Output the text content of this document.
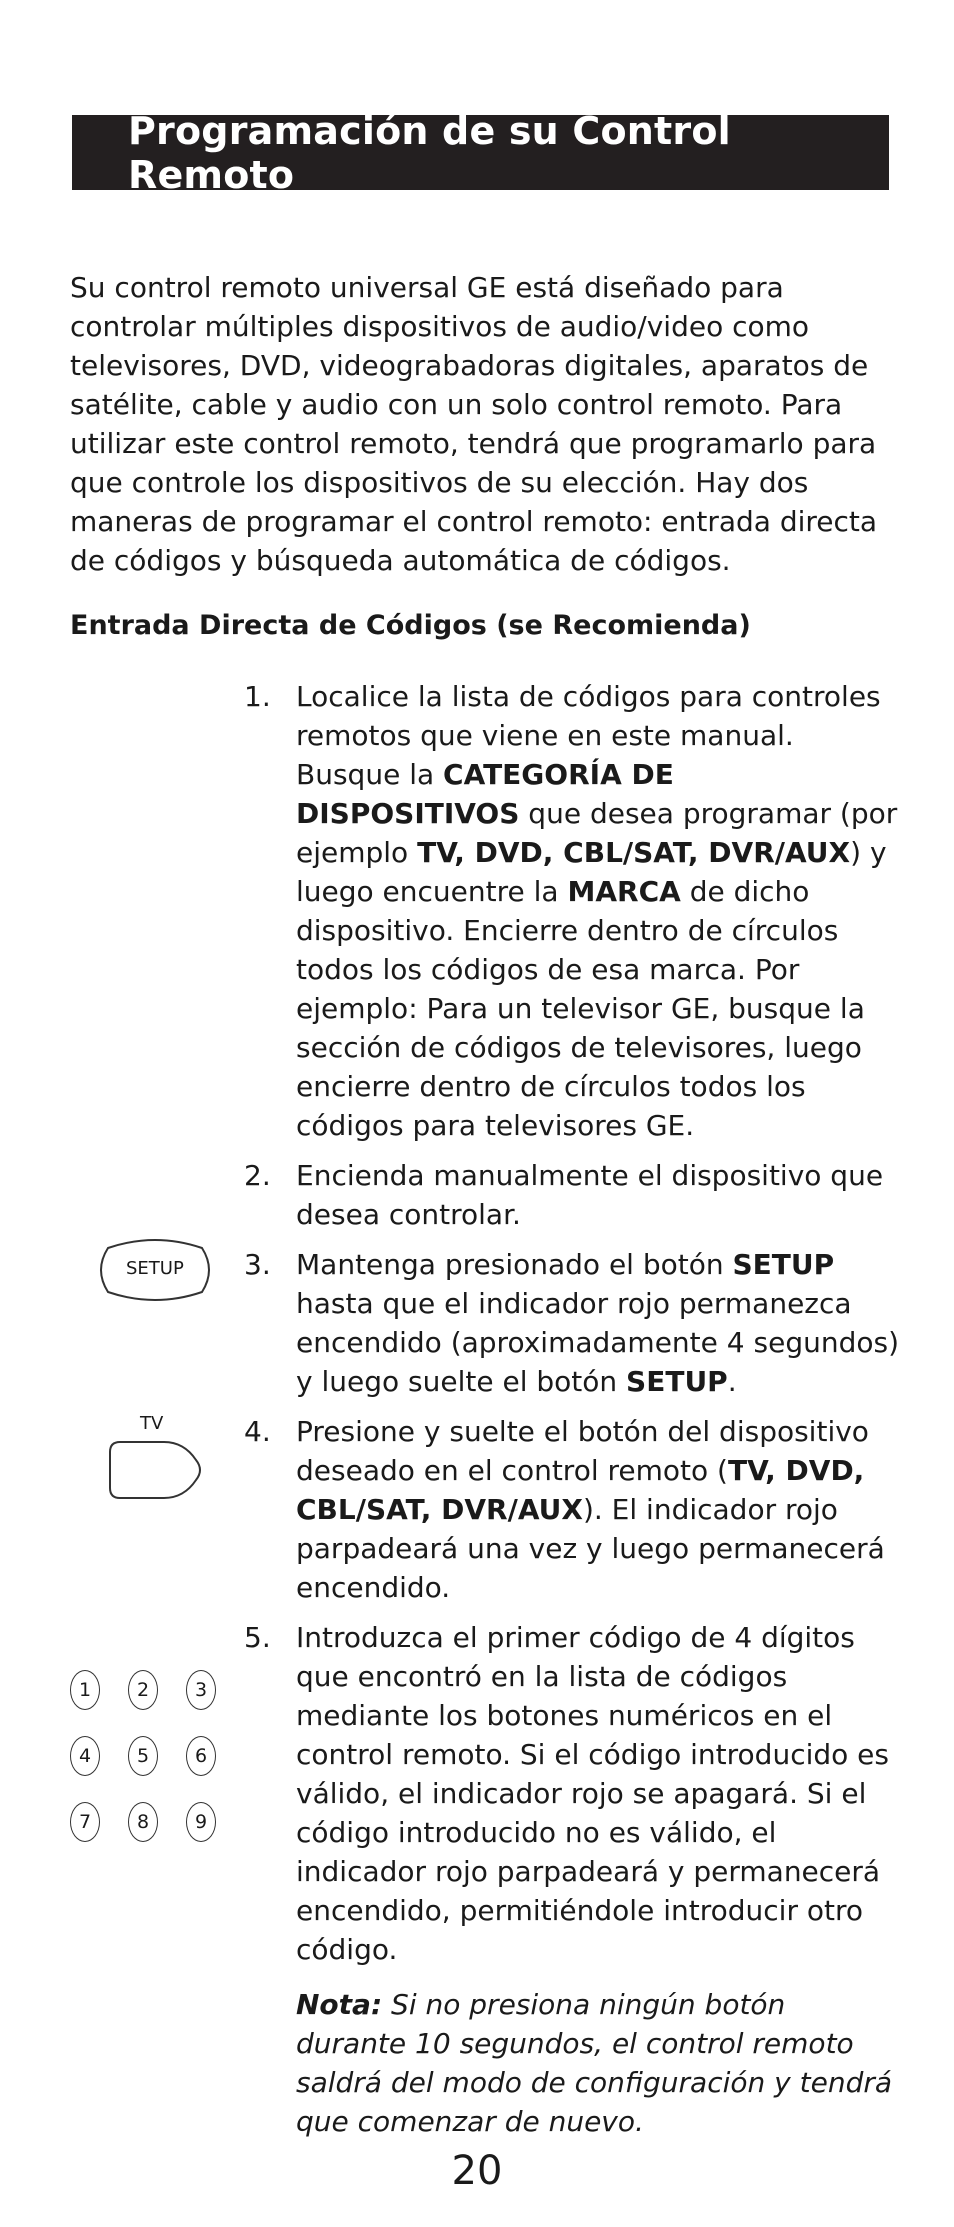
Programación de su Control Remoto

Su control remoto universal GE está diseñado para controlar múltiples dispositivos de audio/video como televisores, DVD, videograbadoras digitales, aparatos de satélite, cable y audio con un solo control remoto. Para utilizar este control remoto, tendrá que programarlo para que controle los dispositivos de su elección. Hay dos maneras de programar el control remoto: entrada directa de códigos y búsqueda automática de códigos.

Entrada Directa de Códigos (se Recomienda)
1. Localice la lista de códigos para controles remotos que viene en este manual. Busque la CATEGORÍA DE DISPOSITIVOS que desea programar (por ejemplo TV, DVD, CBL/SAT, DVR/AUX) y luego encuentre la MARCA de dicho dispositivo. Encierre dentro de círculos todos los códigos de esa marca. Por ejemplo: Para un televisor GE, busque la sección de códigos de televisores, luego encierre dentro de círculos todos los códigos para televisores GE.
2. Encienda manualmente el dispositivo que desea controlar.
3. Mantenga presionado el botón SETUP hasta que el indicador rojo permanezca encendido (aproximadamente 4 segundos) y luego suelte el botón SETUP.
4. Presione y suelte el botón del dispositivo deseado en el control remoto (TV, DVD, CBL/SAT, DVR/AUX). El indicador rojo parpadeará una vez y luego permanecerá encendido.
5. Introduzca el primer código de 4 dígitos que encontró en la lista de códigos mediante los botones numéricos en el control remoto. Si el código introducido es válido, el indicador rojo se apagará. Si el código introducido no es válido, el indicador rojo parpadeará y permanecerá encendido, permitiéndole introducir otro código.
Nota: Si no presiona ningún botón durante 10 segundos, el control remoto saldrá del modo de configuración y tendrá que comenzar de nuevo.
SETUP
TV
1	2	3
4	5	6
7	8	9

20
